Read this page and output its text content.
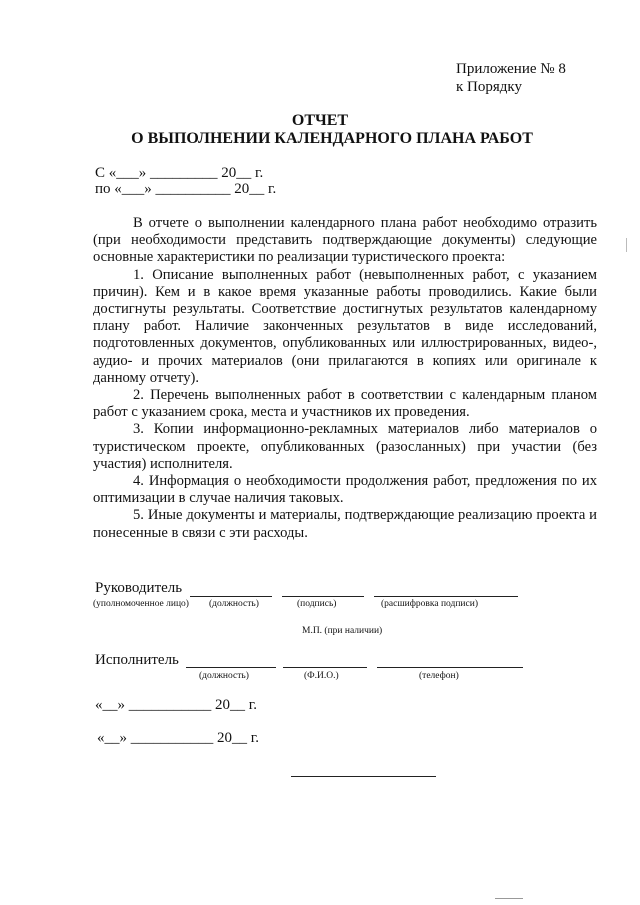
Приложение № 8
к Порядку
ОТЧЕТ
О ВЫПОЛНЕНИИ КАЛЕНДАРНОГО ПЛАНА РАБОТ
С «___» _________ 20__ г.
по «___» __________ 20__ г.

В отчете о выполнении календарного плана работ необходимо отразить (при необходимости представить подтверждающие документы) следующие основные характеристики по реализации туристического проекта:

1. Описание выполненных работ (невыполненных работ, с указанием причин). Кем и в какое время указанные работы проводились. Какие были достигнуты результаты. Соответствие достигнутых результатов календарному плану работ. Наличие законченных результатов в виде исследований, подготовленных документов, опубликованных или иллюстрированных, видео-, аудио- и прочих материалов (они прилагаются в копиях или оригинале к данному отчету).

2. Перечень выполненных работ в соответствии с календарным планом работ с указанием срока, места и участников их проведения.

3. Копии информационно-рекламных материалов либо материалов о туристическом проекте, опубликованных (разосланных) при участии (без участия) исполнителя.

4. Информация о необходимости продолжения работ, предложения по их оптимизации в случае наличия таковых.

5. Иные документы и материалы, подтверждающие реализацию проекта и понесенные в связи с эти расходы.

Руководитель
(уполномоченное лицо) (должность)	(подпись)	(расшифровка подписи)
М.П. (при наличии)
Исполнитель
(должность)	(Ф.И.О.)	(телефон)
«__» ___________ 20__ г.
«__» ___________ 20__ г.
